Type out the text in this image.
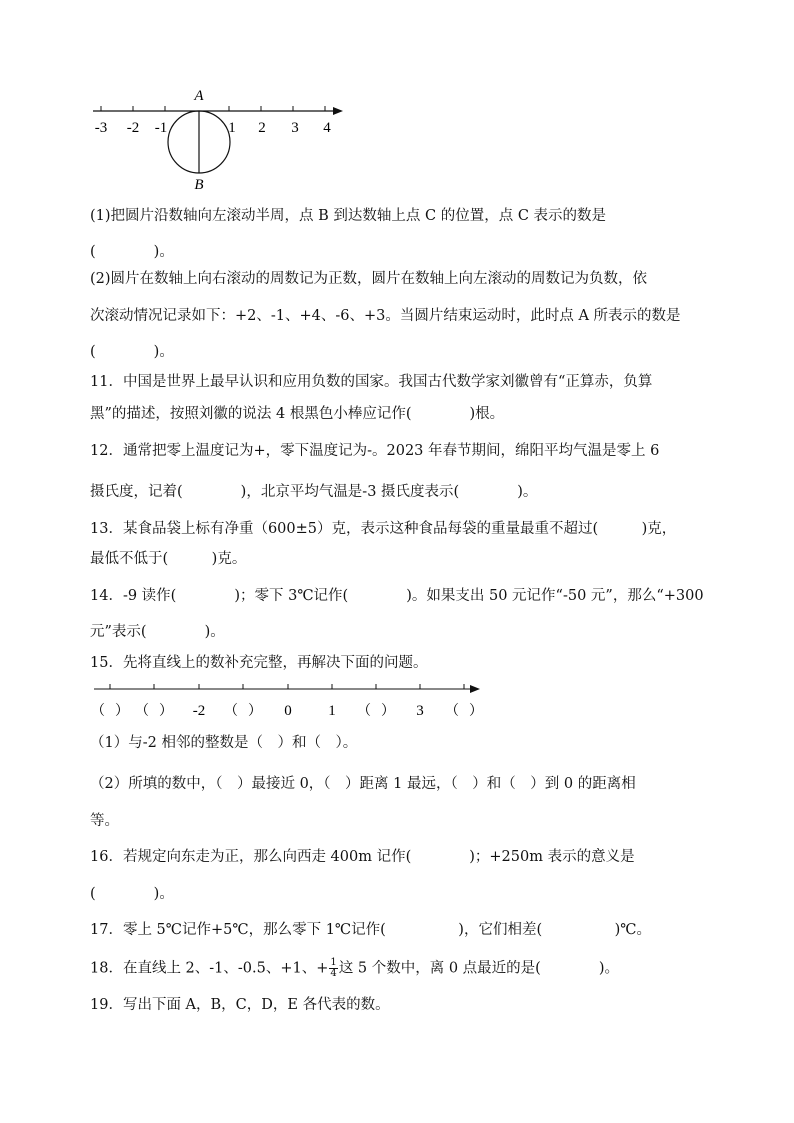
-3 -2 -1	1 2 3 4
A
B
(1)把圆片沿数轴向左滚动半周，点 B 到达数轴上点 C 的位置，点 C 表示的数是
(　　　　)。
(2)圆片在数轴上向右滚动的周数记为正数，圆片在数轴上向左滚动的周数记为负数，依
次滚动情况记录如下：+2、-1、+4、-6、+3。当圆片结束运动时，此时点 A 所表示的数是
(　　　　)。
11．中国是世界上最早认识和应用负数的国家。我国古代数学家刘徽曾有“正算赤，负算
黑”的描述，按照刘徽的说法 4 根黑色小棒应记作(　　　　)根。
12．通常把零上温度记为+，零下温度记为-。2023 年春节期间，绵阳平均气温是零上 6
摄氏度，记着(　　　　)，北京平均气温是-3 摄氏度表示(　　　　)。
13．某食品袋上标有净重（600±5）克，表示这种食品每袋的重量最重不超过(　　　)克，
最低不低于(　　　)克。
14．-9 读作(　　　　)；零下 3℃记作(　　　　)。如果支出 50 元记作“-50 元”，那么“+300
元”表示(　　　　)。
15．先将直线上的数补充完整，再解决下面的问题。
（ ） （ ） -2 （ ） 0 1 （ ） 3 （ ）
（1）与-2 相邻的整数是（　）和（　）。
（2）所填的数中，（　）最接近 0，（　）距离 1 最远，（　）和（　）到 0 的距离相
等。
16．若规定向东走为正，那么向西走 400m 记作(　　　　)；+250m 表示的意义是
(　　　　)。
17．零上 5℃记作+5℃，那么零下 1℃记作(　　　　　)，它们相差(　　　　　)℃。
18．在直线上 2、-1、-0.5、+1、+ $\frac{1}{4}$ 这 5 个数中，离 0 点最近的是(　　　　)。
19．写出下面 A，B，C，D，E 各代表的数。
